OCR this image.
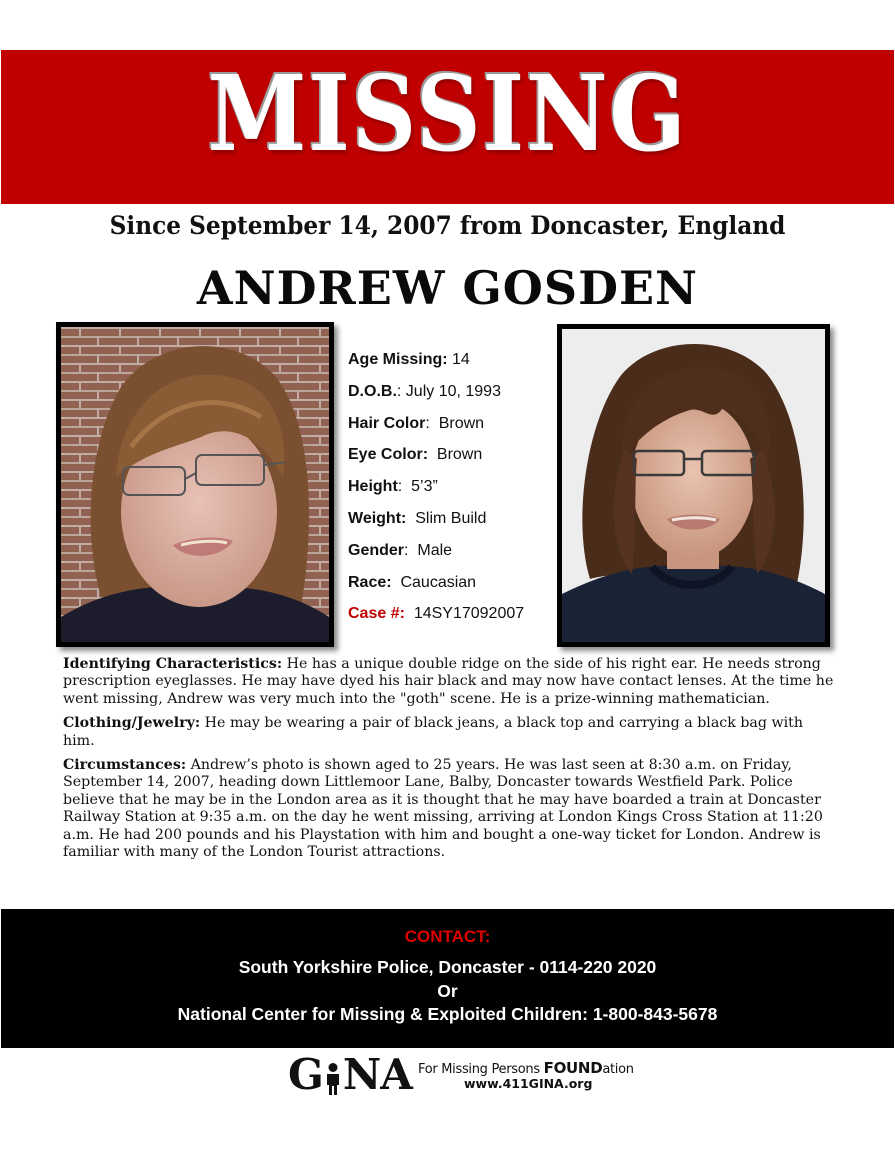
MISSING
Since September 14, 2007 from Doncaster, England
ANDREW GOSDEN
Age Missing: 14
D.O.B.: July 10, 1993
Hair Color:  Brown
Eye Color:  Brown
Height:  5’3”
Weight:  Slim Build
Gender:  Male
Race:  Caucasian
Case #:  14SY17092007

Identifying Characteristics: He has a unique double ridge on the side of his right ear. He needs strong prescription eyeglasses. He may have dyed his hair black and may now have contact lenses. At the time he went missing, Andrew was very much into the "goth" scene. He is a prize-winning mathematician.

Clothing/Jewelry: He may be wearing a pair of black jeans, a black top and carrying a black bag with him.

Circumstances: Andrew’s photo is shown aged to 25 years. He was last seen at 8:30 a.m. on Friday, September 14, 2007, heading down Littlemoor Lane, Balby, Doncaster towards Westfield Park. Police believe that he may be in the London area as it is thought that he may have boarded a train at Doncaster Railway Station at 9:35 a.m. on the day he went missing, arriving at London Kings Cross Station at 11:20 a.m. He had 200 pounds and his Playstation with him and bought a one-way ticket for London. Andrew is familiar with many of the London Tourist attractions.

CONTACT:
South Yorkshire Police, Doncaster - 0114-220 2020
Or
National Center for Missing & Exploited Children: 1-800-843-5678
G NA For Missing Persons FOUNDation
www.411GINA.org
